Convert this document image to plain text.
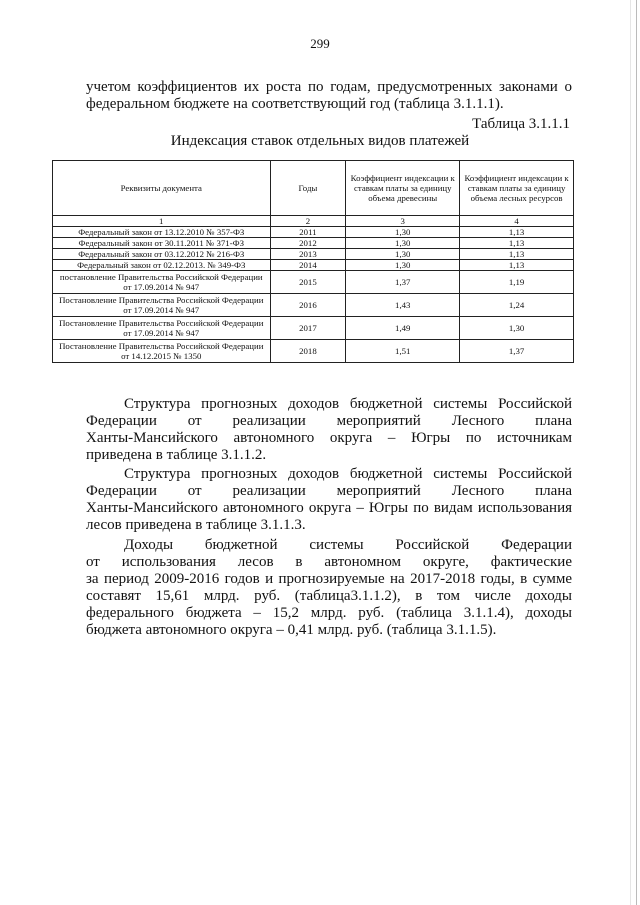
299
учетом коэффициентов их роста по годам, предусмотренных законами о
федеральном бюджете на соответствующий год (таблица 3.1.1.1).
Таблица 3.1.1.1
Индексация ставок отдельных видов платежей
Реквизиты документа	Годы	Коэффициент индексации к ставкам платы за единицу объема древесины	Коэффициент индексации к ставкам платы за единицу объема лесных ресурсов
1	2	3	4
Федеральный закон от 13.12.2010 № 357-ФЗ	2011	1,30	1,13
Федеральный закон от 30.11.2011 № 371-ФЗ	2012	1,30	1,13
Федеральный закон от 03.12.2012 № 216-ФЗ	2013	1,30	1,13
Федеральный закон от 02.12.2013. № 349-ФЗ	2014	1,30	1,13
постановление Правительства Российской Федерации от 17.09.2014 № 947	2015	1,37	1,19
Постановление Правительства Российской Федерации от 17.09.2014 № 947	2016	1,43	1,24
Постановление Правительства Российской Федерации от 17.09.2014 № 947	2017	1,49	1,30
Постановление Правительства Российской Федерации от 14.12.2015 № 1350	2018	1,51	1,37
Структура прогнозных доходов бюджетной системы Российской
Федерации от реализации мероприятий Лесного плана
Ханты-Мансийского автономного округа – Югры по источникам
приведена в таблице 3.1.1.2.
Структура прогнозных доходов бюджетной системы Российской
Федерации от реализации мероприятий Лесного плана
Ханты-Мансийского автономного округа – Югры по видам использования
лесов приведена в таблице 3.1.1.3.
Доходы бюджетной системы Российской Федерации
от использования лесов в автономном округе, фактические
за период 2009-2016 годов и прогнозируемые на 2017-2018 годы, в сумме
составят 15,61 млрд. руб. (таблица3.1.1.2), в том числе доходы
федерального бюджета – 15,2 млрд. руб. (таблица 3.1.1.4), доходы
бюджета автономного округа – 0,41 млрд. руб. (таблица 3.1.1.5).
